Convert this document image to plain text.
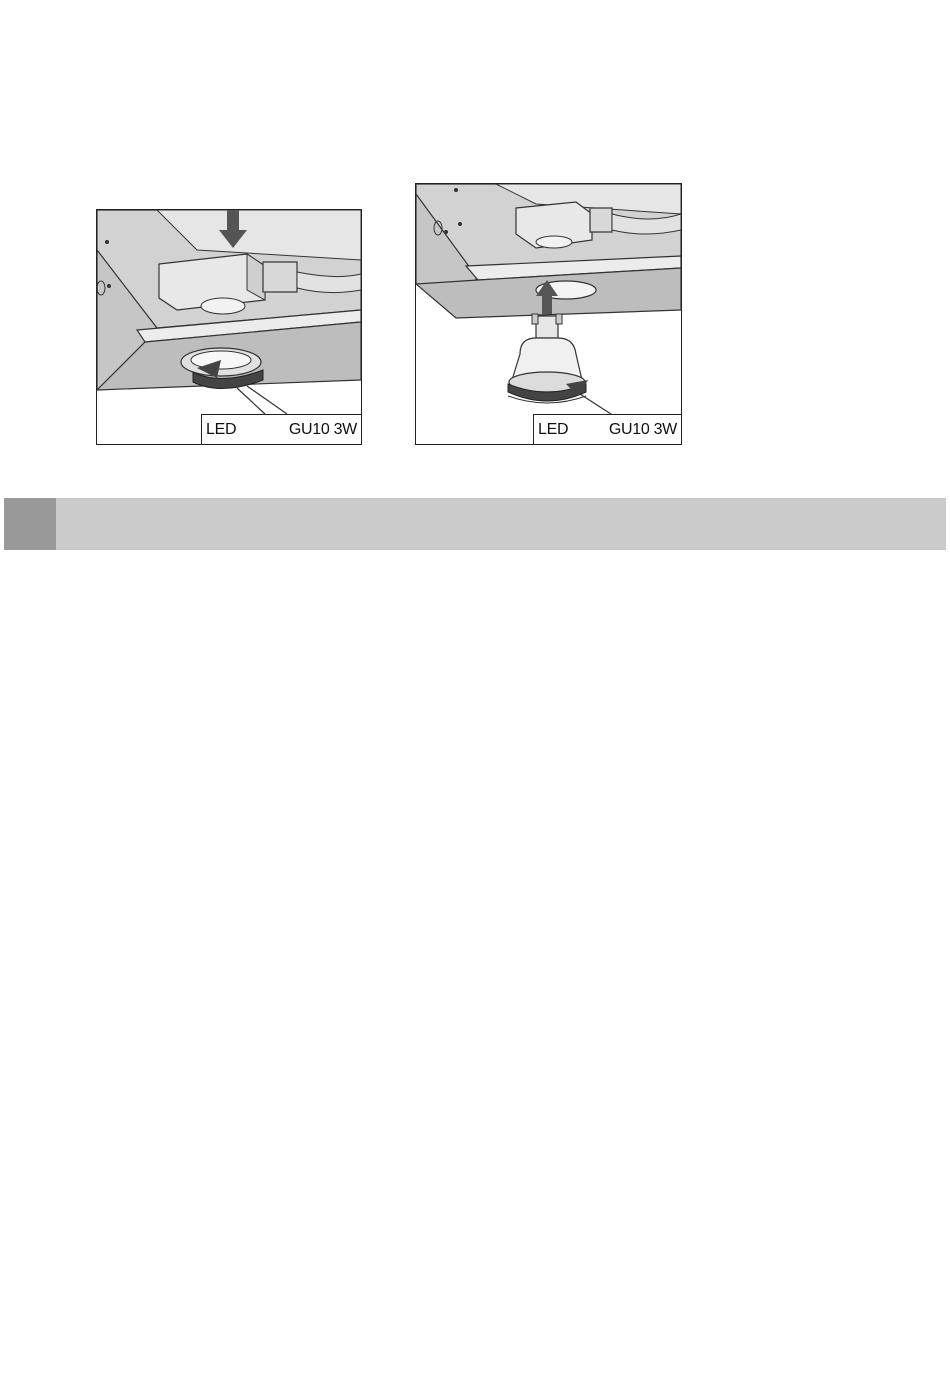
LED	GU10 3W	LED	GU10 3W
